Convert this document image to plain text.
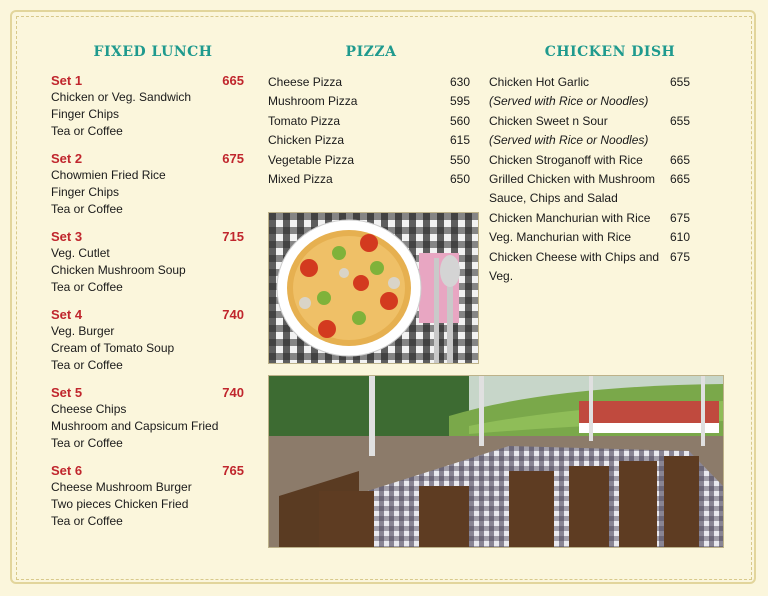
FIXED LUNCH	PIZZA	CHICKEN DISH
Set 1	665
Chicken or Veg. Sandwich
Finger Chips
Tea or Coffee
Set 2	675
Chowmien Fried Rice
Finger Chips
Tea or Coffee
Set 3	715
Veg. Cutlet
Chicken Mushroom Soup
Tea or Coffee
Set 4	740
Veg. Burger
Cream of Tomato Soup
Tea or Coffee
Set 5	740
Cheese Chips
Mushroom and Capsicum Fried
Tea or Coffee
Set 6	765
Cheese Mushroom Burger
Two pieces Chicken Fried
Tea or Coffee
Cheese Pizza	630
Mushroom Pizza	595
Tomato Pizza	560
Chicken Pizza	615
Vegetable Pizza	550
Mixed Pizza	650
Chicken Hot Garlic	655
(Served with Rice or Noodles)
Chicken Sweet n Sour	655
(Served with Rice or Noodles)
Chicken Stroganoff with Rice 665
Grilled Chicken with Mushroom 665
Sauce, Chips and Salad
Chicken Manchurian with Rice 675
Veg. Manchurian with Rice	610
Chicken Cheese with Chips and Veg.
675
